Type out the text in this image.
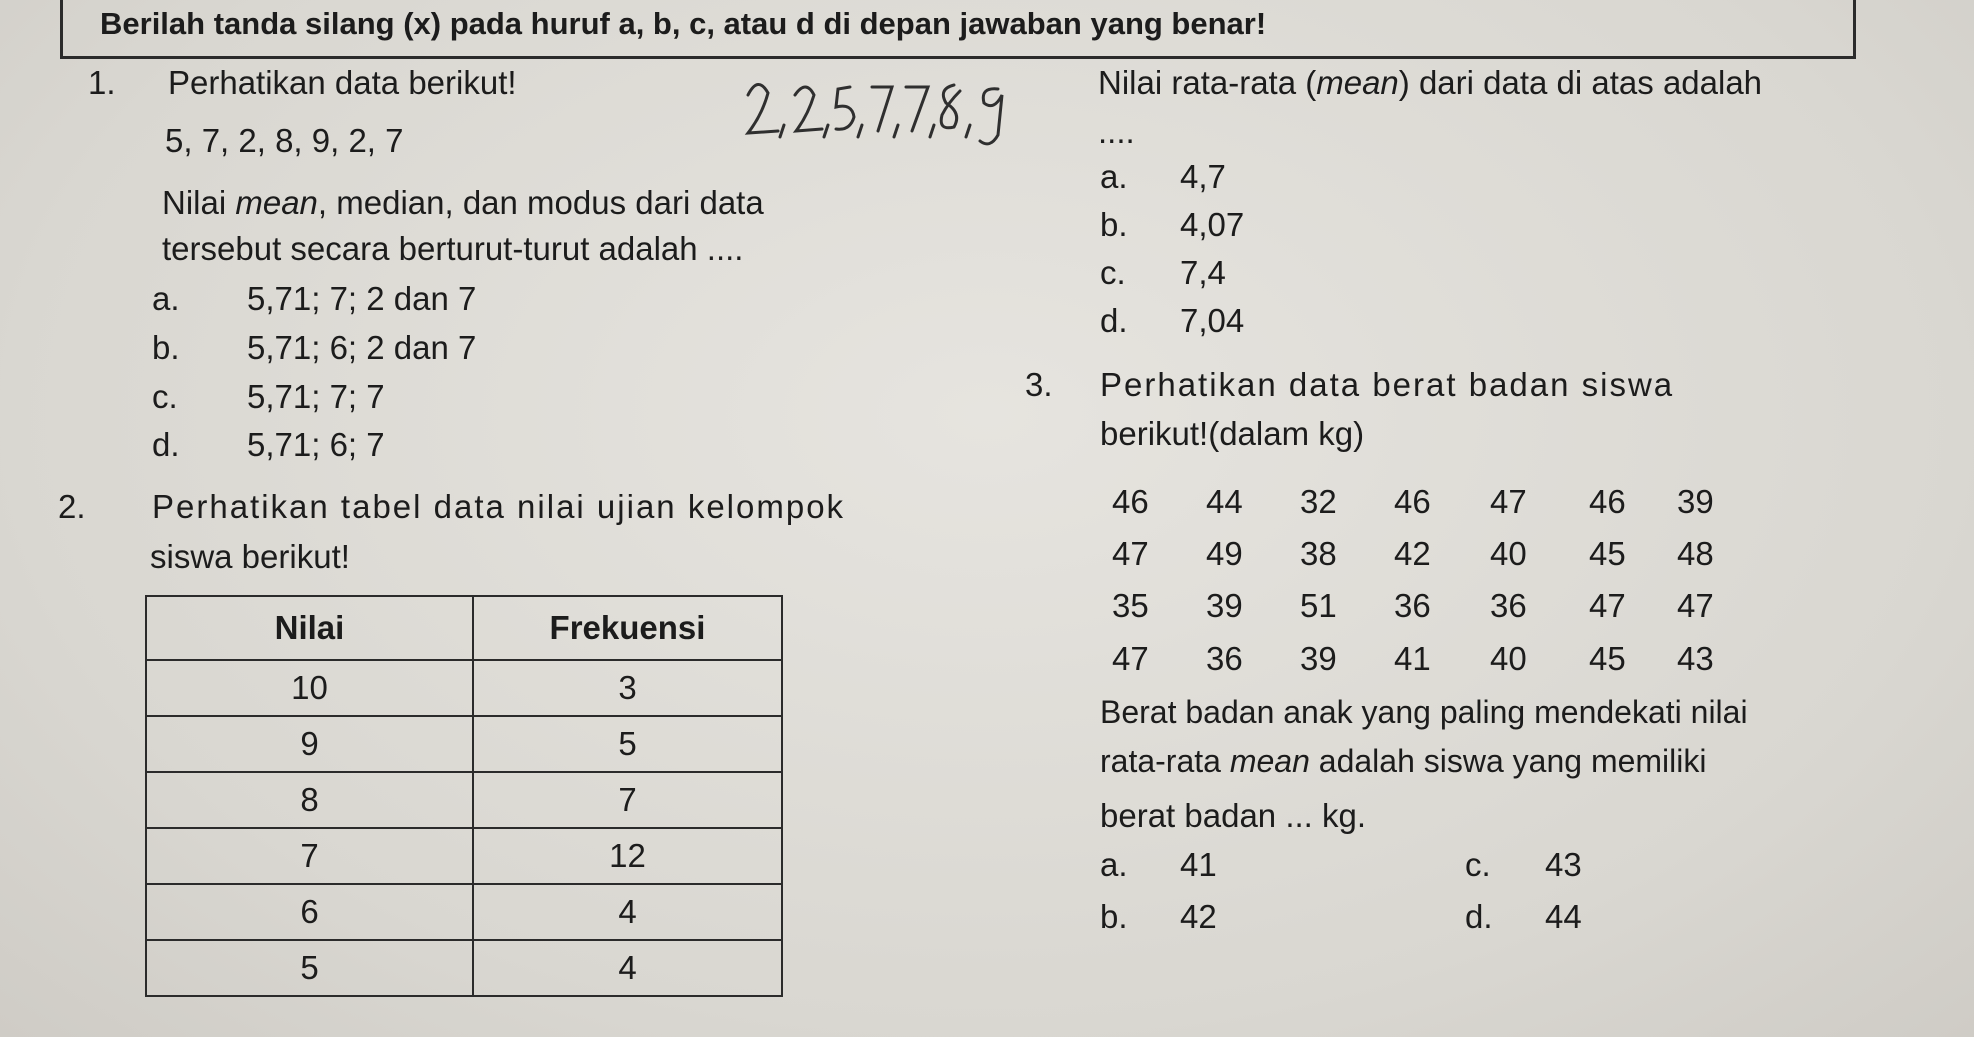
Berilah tanda silang (x) pada huruf a, b, c, atau d di depan jawaban yang benar!
1. Perhatikan data berikut!
5, 7, 2, 8, 9, 2, 7
Nilai mean, median, dan modus dari data
tersebut secara berturut-turut adalah ....
a. 5,71; 7; 2 dan 7
b. 5,71; 6; 2 dan 7
c. 5,71; 7; 7
d. 5,71; 6; 7
2. Perhatikan tabel data nilai ujian kelompok
siswa berikut!
Nilai	Frekuensi
10	3
9	5
8	7
7	12
6	4
5	4
Nilai rata-rata (mean) dari data di atas adalah
....
a. 4,7
b. 4,07
c. 7,4
d. 7,04
3. Perhatikan data berat badan siswa
berikut!(dalam kg)
46 44 32 46 47 46 39
47 49 38 42 40 45 48
35 39 51 36 36 47 47
47 36 39 41 40 45 43
Berat badan anak yang paling mendekati nilai
rata-rata mean adalah siswa yang memiliki
berat badan ... kg.
a. 41
b. 42
c. 43
d. 44
